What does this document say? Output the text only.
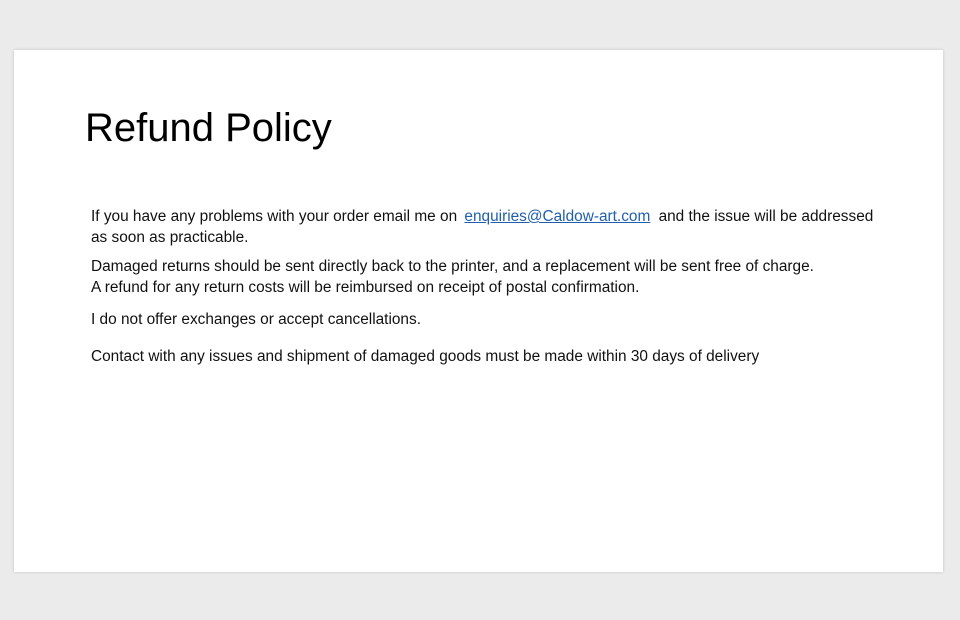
Refund Policy

If you have any problems with your order email me on enquiries@Caldow-art.com and the issue will be addressed as soon as practicable.

Damaged returns should be sent directly back to the printer, and a replacement will be sent free of charge.
A refund for any return costs will be reimbursed on receipt of postal confirmation.

I do not offer exchanges or accept cancellations.

Contact with any issues and shipment of damaged goods must be made within 30 days of delivery
